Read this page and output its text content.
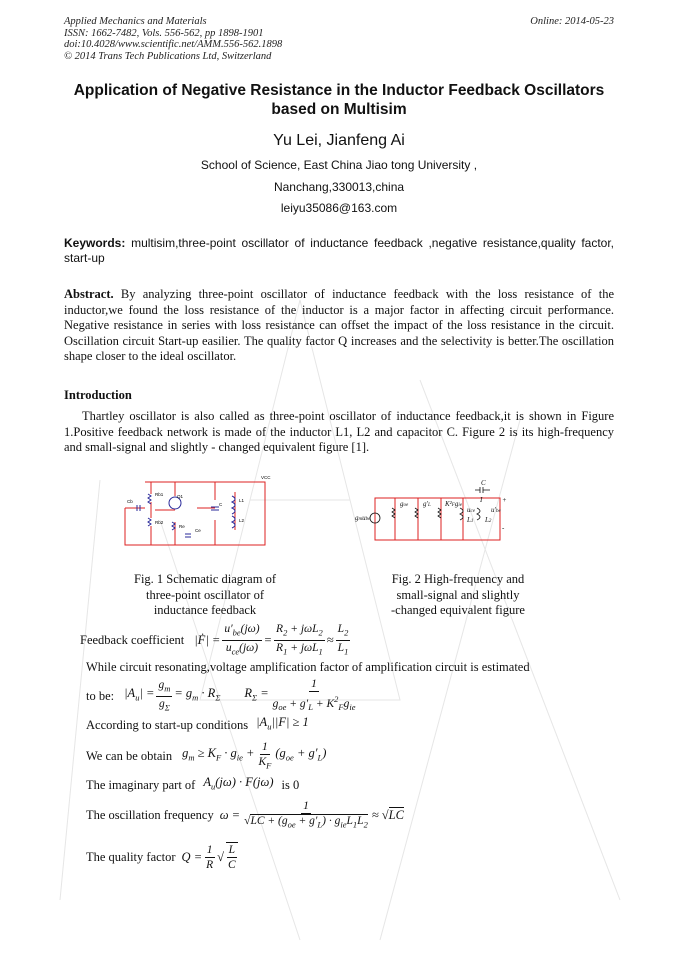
Applied Mechanics and Materials
ISSN: 1662-7482, Vols. 556-562, pp 1898-1901
doi:10.4028/www.scientific.net/AMM.556-562.1898
© 2014 Trans Tech Publications Ltd, Switzerland
Online: 2014-05-23
Application of Negative Resistance in the Inductor Feedback Oscillators
based on Multisim
Yu Lei, Jianfeng Ai
School of Science, East China Jiao tong University ,
Nanchang,330013,china
leiyu35086@163.com
Keywords: multisim,three-point oscillator of inductance feedback ,negative resistance,quality factor, start-up
Abstract. By analyzing three-point oscillator of inductance feedback with the loss resistance of the inductor,we found the loss resistance of the inductor is a major factor in affecting circuit performance. Negative resistance in series with loss resistance can offset the impact of the loss resistance in the circuit. Oscillation circuit Start-up easilier. The quality factor Q increases and the selectivity is better.The oscillation shape closer to the ideal oscillator.
Introduction
Thartley oscillator is also called as three-point oscillator of inductance feedback,it is shown in Figure 1.Positive feedback network is made of the inductor L1, L2 and capacitor C. Figure 2 is its high-frequency and small-signal and slightly - changed equivalent figure [1].
VCC
Rb1	Q1
Cb
Rb2
Re
Ce
L1
L2
C
Fig. 1 Schematic diagram of
three-point oscillator of
inductance feedback
C
gmube
goe g′L K²Fgie
L1
uce
L2
u′be
I	+
-
Fig. 2 High-frequency and
small-signal and slightly
-changed equivalent figure
Feedback coefficient |Ḟ| = $\frac{u'_{be}(j\omega)}{u_{ce}(j\omega)} = \frac{R_2 + j\omega L_2}{R_1 + j\omega L_1} \approx \frac{L_2}{L_1}$
While circuit resonating,voltage amplification factor of amplification circuit is estimated
to be: $|A_u| = \frac{g_m}{g_\Sigma} = g_m \cdot R_\Sigma$ $R_\Sigma = \frac{1}{g_{oe} + g'_L + K^2_Fg_{ie}}$
According to start-up conditions $|A_u||F| \ge 1$
We can be obtain $g_m \ge K_F \cdot g_{ie} + \frac{1}{K_F} (g_{oe} + g'_L)$
The imaginary part of $A_u(j\omega) \cdot F(j\omega)$ is 0
The oscillation frequency $\omega = \frac{1}{√LC + (g_{oe} + g'_L) \cdot g_{ie}L_1L_2} \approx √LC$
The quality factor $Q = \frac{1}{R}$ √ $\frac{L}{C}$
